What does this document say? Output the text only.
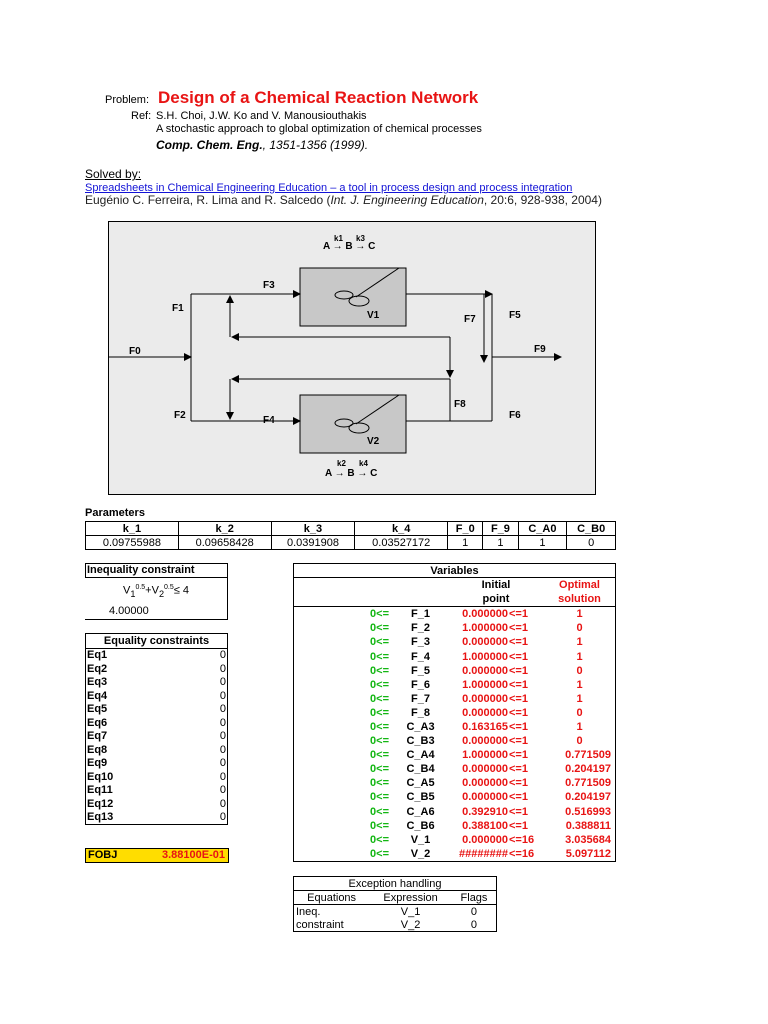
Problem: Design of a Chemical Reaction Network
Ref: S.H. Choi, J.W. Ko and V. Manousiouthakis
A stochastic approach to global optimization of chemical processes
Comp. Chem. Eng., 1351-1356 (1999).
Solved by:
Spreadsheets in Chemical Engineering Education – a tool in process design and process integration
Eugénio C. Ferreira, R. Lima and R. Salcedo (Int. J. Engineering Education, 20:6, 928-938, 2004)
A → B → C
k1 k3
A → B → C
k2 k4
V1
V2
F0
F1
F2
F3
F4
F5
F6
F7
F8
F9
Parameters
k_1	k_2	k_3	k_4	F_0	F_9	C_A0	C_B0
0.09755988	0.09658428	0.0391908	0.03527172	1	1	1	0
Inequality constraint
$V_1^{0.5}+V_2^{0.5}\le 4$
4.00000
Equality constraints	
Eq1	0
Eq2	0
Eq3	0
Eq4	0
Eq5	0
Eq6	0
Eq7	0
Eq8	0
Eq9	0
Eq10	0
Eq11	0
Eq12	0
Eq13	0
FOBJ	3.88100E-01
Variables				
		Initial		Optimal
		point		solution
0<=	F_1	0.000000	<=1	1
0<=	F_2	1.000000	<=1	0
0<=	F_3	0.000000	<=1	1
0<=	F_4	1.000000	<=1	1
0<=	F_5	0.000000	<=1	0
0<=	F_6	1.000000	<=1	1
0<=	F_7	0.000000	<=1	1
0<=	F_8	0.000000	<=1	0
0<=	C_A3	0.163165	<=1	1
0<=	C_B3	0.000000	<=1	0
0<=	C_A4	1.000000	<=1	0.771509
0<=	C_B4	0.000000	<=1	0.204197
0<=	C_A5	0.000000	<=1	0.771509
0<=	C_B5	0.000000	<=1	0.204197
0<=	C_A6	0.392910	<=1	0.516993
0<=	C_B6	0.388100	<=1	0.388811
0<=	V_1	0.000000	<=16	3.035684
0<=	V_2	########	<=16	5.097112
Exception handling		
Equations	Expression	Flags
Ineq.	V_1	0
constraint	V_2	0
